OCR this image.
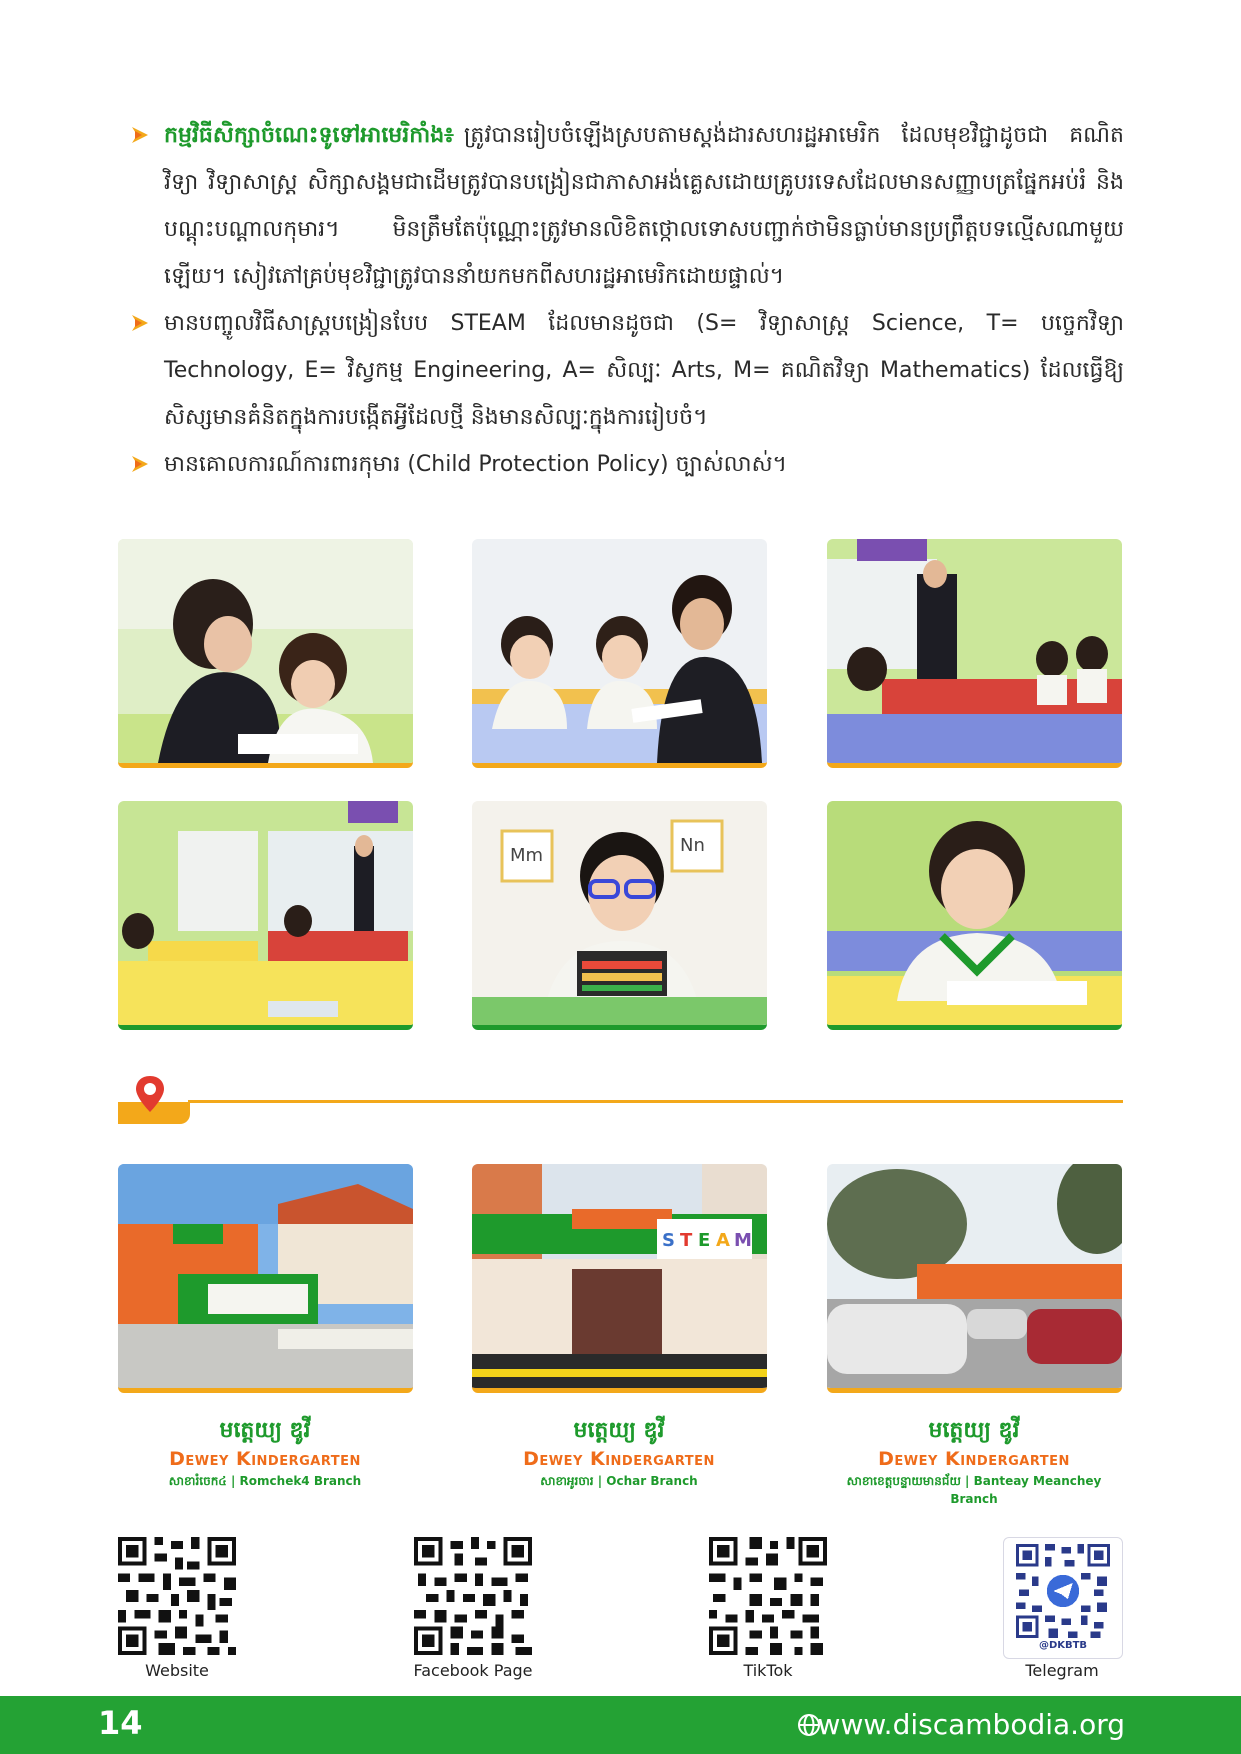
កម្មវិធីសិក្សាចំណេះទូទៅអាមេរិកាំង៖ ត្រូវបានរៀបចំឡើងស្របតាមស្តង់ដារសហរដ្ឋអាមេរិក ដែលមុខវិជ្ជាដូចជា គណិតវិទ្យា វិទ្យាសាស្ត្រ សិក្សាសង្គមជាដើមត្រូវបានបង្រៀនជាភាសាអង់គ្លេសដោយគ្រូបរទេសដែលមានសញ្ញាបត្រផ្នែកអប់រំ និងបណ្តុះបណ្តាលកុមារ។ មិនត្រឹមតែប៉ុណ្ណោះត្រូវមានលិខិតថ្កោលទោសបញ្ជាក់ថាមិនធ្លាប់មានប្រព្រឹត្តបទល្មើសណាមួយឡើយ។ សៀវភៅគ្រប់មុខវិជ្ជាត្រូវបាននាំយកមកពីសហរដ្ឋអាមេរិកដោយផ្ទាល់។
មានបញ្ចូលវិធីសាស្ត្របង្រៀនបែប STEAM ដែលមានដូចជា (S= វិទ្យាសាស្ត្រ Science, T= បច្ចេកវិទ្យា Technology, E= វិស្វកម្ម Engineering, A= សិល្បៈ Arts, M= គណិតវិទ្យា Mathematics) ដែលធ្វើឱ្យសិស្សមានគំនិតក្នុងការបង្កើតអ្វីដែលថ្មី និងមានសិល្បៈក្នុងការរៀបចំ។
មានគោលការណ៍ការពារកុមារ (Child Protection Policy) ច្បាស់លាស់។
Mm	Nn
S T E A M
មត្តេយ្យ ឌូវី
Dewey Kindergarten
សាខារំចេក៤ | Romchek4 Branch
មត្តេយ្យ ឌូវី
Dewey Kindergarten
សាខាអូរចារ | Ochar Branch
មត្តេយ្យ ឌូវី
Dewey Kindergarten
សាខាខេត្តបន្ទាយមានជ័យ | Banteay Meanchey Branch
Website	Facebook Page	TikTok
@DKBTB
Telegram
14	www.discambodia.org
